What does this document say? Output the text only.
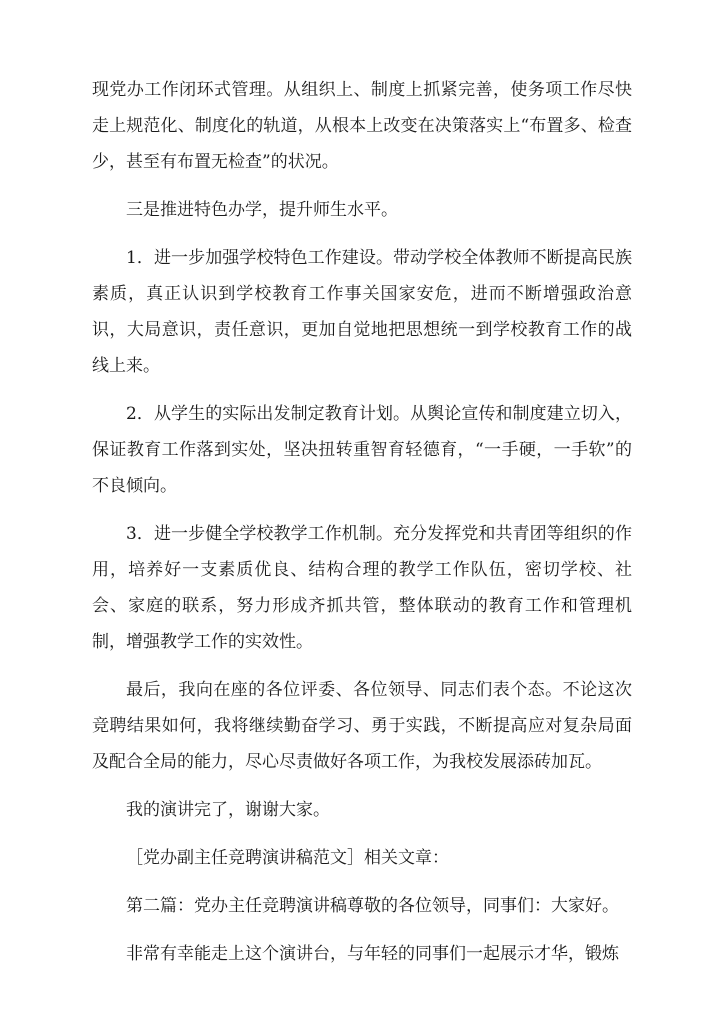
现党办工作闭环式管理。从组织上、制度上抓紧完善，使务项工作尽快走上规范化、制度化的轨道，从根本上改变在决策落实上“布置多、检查少，甚至有布置无检查”的状况。

三是推进特色办学，提升师生水平。

1．进一步加强学校特色工作建设。带动学校全体教师不断提高民族素质，真正认识到学校教育工作事关国家安危，进而不断增强政治意识，大局意识，责任意识，更加自觉地把思想统一到学校教育工作的战线上来。

2．从学生的实际出发制定教育计划。从舆论宣传和制度建立切入，保证教育工作落到实处，坚决扭转重智育轻德育，“一手硬，一手软”的不良倾向。

3．进一步健全学校教学工作机制。充分发挥党和共青团等组织的作用，培养好一支素质优良、结构合理的教学工作队伍，密切学校、社会、家庭的联系，努力形成齐抓共管，整体联动的教育工作和管理机制，增强教学工作的实效性。

最后，我向在座的各位评委、各位领导、同志们表个态。不论这次竞聘结果如何，我将继续勤奋学习、勇于实践，不断提高应对复杂局面及配合全局的能力，尽心尽责做好各项工作，为我校发展添砖加瓦。

我的演讲完了，谢谢大家。

［党办副主任竞聘演讲稿范文］相关文章：

第二篇：党办主任竞聘演讲稿尊敬的各位领导，同事们：大家好。

非常有幸能走上这个演讲台，与年轻的同事们一起展示才华，锻炼
